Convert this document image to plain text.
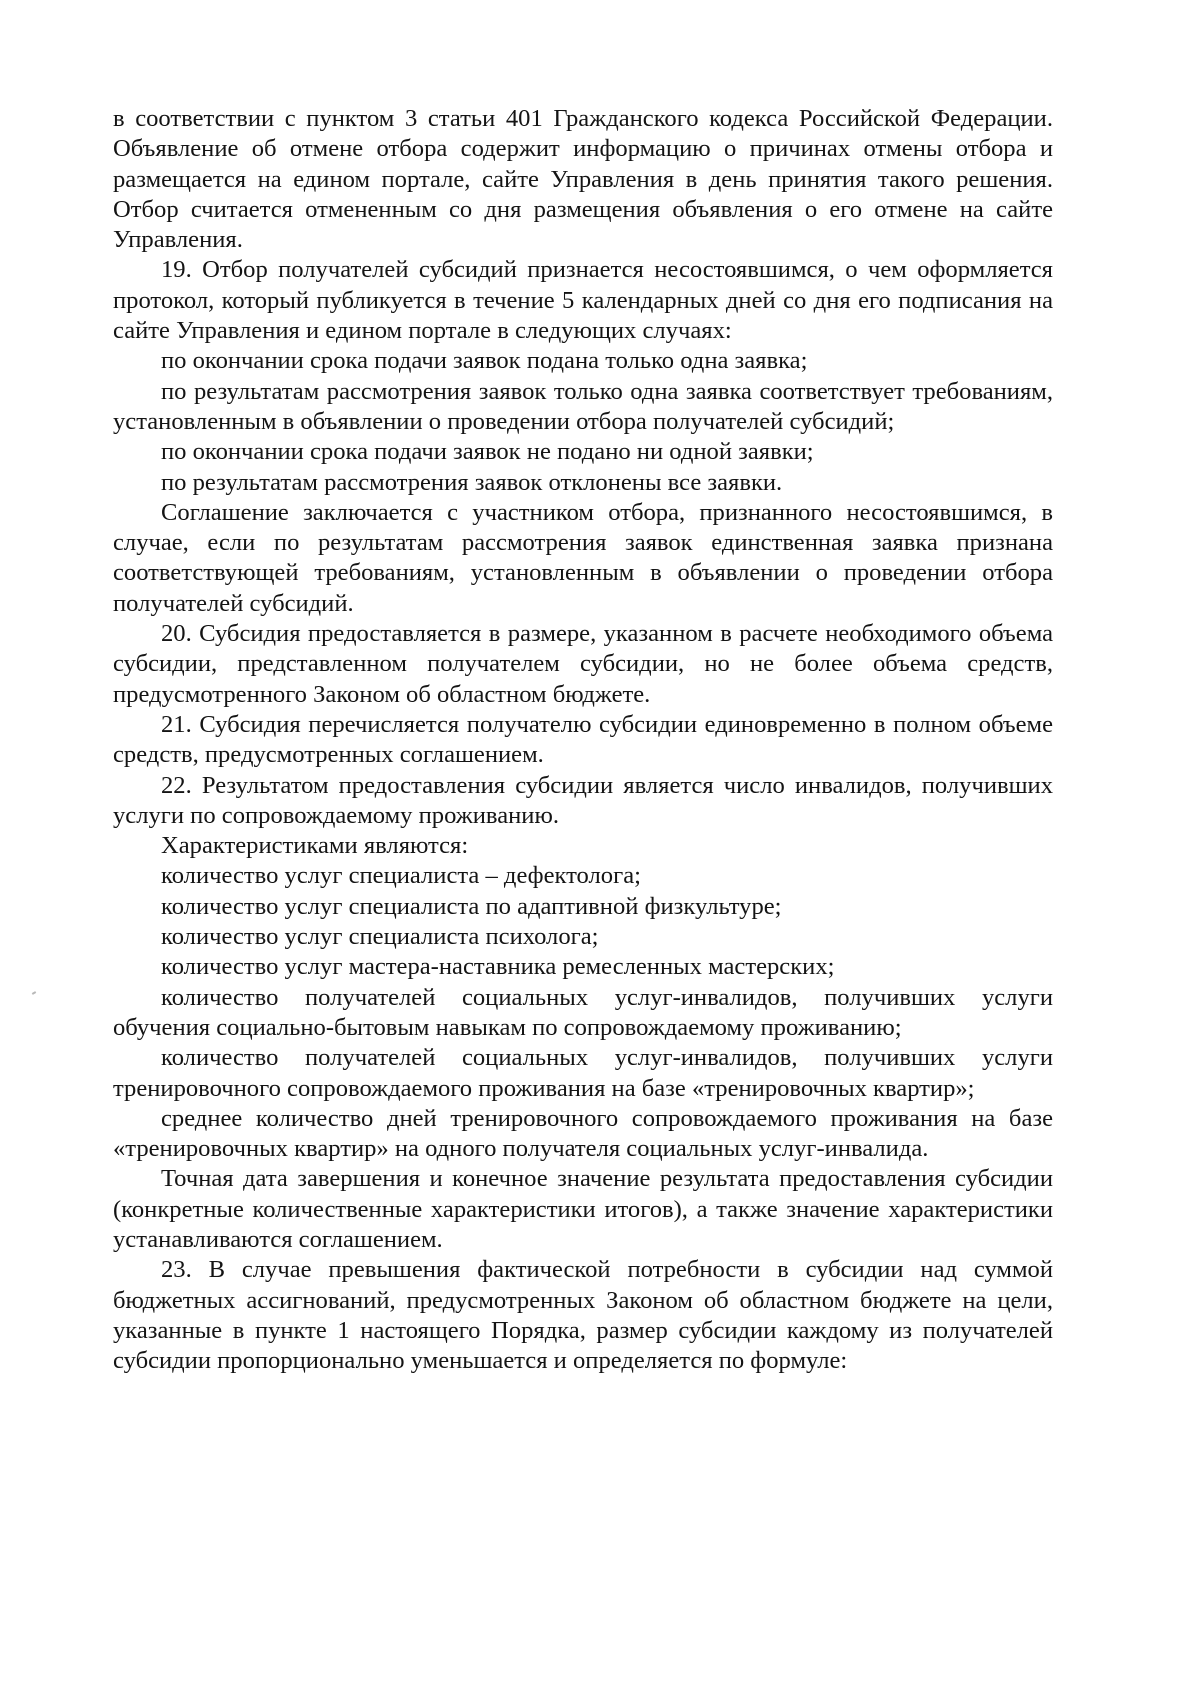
в соответствии с пунктом 3 статьи 401 Гражданского кодекса Российской Федерации. Объявление об отмене отбора содержит информацию о причинах отмены отбора и размещается на едином портале, сайте Управления в день принятия такого решения. Отбор считается отмененным со дня размещения объявления о его отмене на сайте Управления.

19. Отбор получателей субсидий признается несостоявшимся, о чем оформляется протокол, который публикуется в течение 5 календарных дней со дня его подписания на сайте Управления и едином портале в следующих случаях:

по окончании срока подачи заявок подана только одна заявка;

по результатам рассмотрения заявок только одна заявка соответствует требованиям, установленным в объявлении о проведении отбора получателей субсидий;

по окончании срока подачи заявок не подано ни одной заявки;

по результатам рассмотрения заявок отклонены все заявки.

Соглашение заключается с участником отбора, признанного несостоявшимся, в случае, если по результатам рассмотрения заявок единственная заявка признана соответствующей требованиям, установленным в объявлении о проведении отбора получателей субсидий.

20. Субсидия предоставляется в размере, указанном в расчете необходимого объема субсидии, представленном получателем субсидии, но не более объема средств, предусмотренного Законом об областном бюджете.

21. Субсидия перечисляется получателю субсидии единовременно в полном объеме средств, предусмотренных соглашением.

22. Результатом предоставления субсидии является число инвалидов, получивших услуги по сопровождаемому проживанию.

Характеристиками являются:

количество услуг специалиста – дефектолога;

количество услуг специалиста по адаптивной физкультуре;

количество услуг специалиста психолога;

количество услуг мастера-наставника ремесленных мастерских;

количество получателей социальных услуг-инвалидов, получивших услуги обучения социально-бытовым навыкам по сопровождаемому проживанию;

количество получателей социальных услуг-инвалидов, получивших услуги тренировочного сопровождаемого проживания на базе «тренировочных квартир»;

среднее количество дней тренировочного сопровождаемого проживания на базе «тренировочных квартир» на одного получателя социальных услуг-инвалида.

Точная дата завершения и конечное значение результата предоставления субсидии (конкретные количественные характеристики итогов), а также значение характеристики устанавливаются соглашением.

23. В случае превышения фактической потребности в субсидии над суммой бюджетных ассигнований, предусмотренных Законом об областном бюджете на цели, указанные в пункте 1 настоящего Порядка, размер субсидии каждому из получателей субсидии пропорционально уменьшается и определяется по формуле:
